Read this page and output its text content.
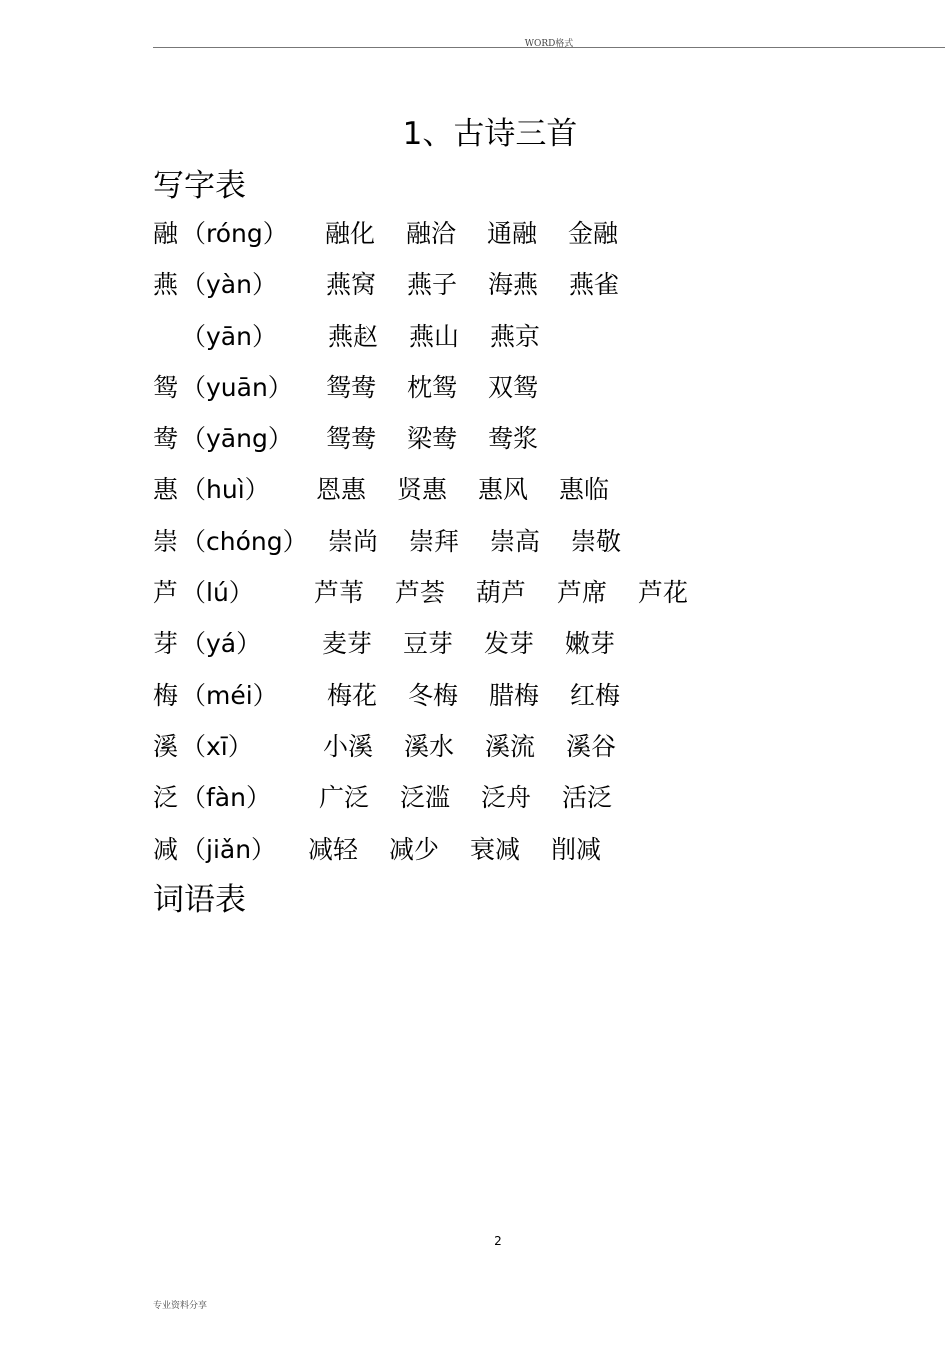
WORD格式
1、古诗三首
写字表
融 （róng） 融化 融洽 通融 金融
燕 （yàn） 燕窝 燕子 海燕 燕雀
（yān） 燕赵 燕山 燕京
鸳 （yuān） 鸳鸯 枕鸳 双鸳
鸯 （yāng） 鸳鸯 梁鸯 鸯浆
惠 （huì） 恩惠 贤惠 惠风 惠临
崇 （chóng） 崇尚 崇拜 崇高 崇敬
芦 （lú） 芦苇 芦荟 葫芦 芦席 芦花
芽 （yá） 麦芽 豆芽 发芽 嫩芽
梅 （méi） 梅花 冬梅 腊梅 红梅
溪 （xī）	小溪 溪水 溪流 溪谷
泛 （fàn） 广泛 泛滥 泛舟 活泛
减 （jiǎn） 减轻 减少 衰减 削减
词语表
2
专业资料分享
